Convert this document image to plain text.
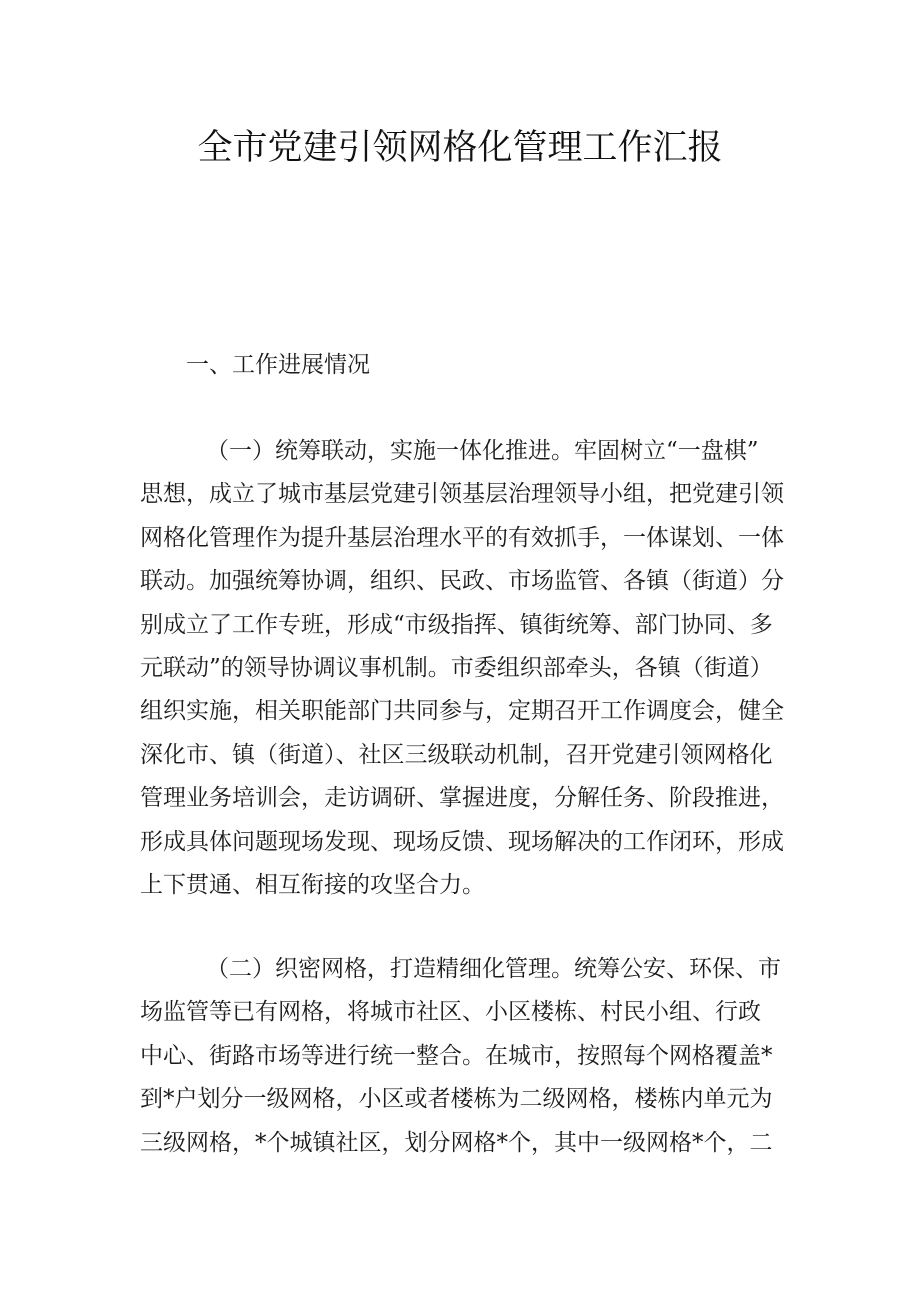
全市党建引领网格化管理工作汇报
一、工作进展情况
（一）统筹联动，实施一体化推进。牢固树立“一盘棋”
思想，成立了城市基层党建引领基层治理领导小组，把党建引领
网格化管理作为提升基层治理水平的有效抓手，一体谋划、一体
联动。加强统筹协调，组织、民政、市场监管、各镇（街道）分
别成立了工作专班，形成“市级指挥、镇街统筹、部门协同、多
元联动”的领导协调议事机制。市委组织部牵头，各镇（街道）
组织实施，相关职能部门共同参与，定期召开工作调度会，健全
深化市、镇（街道）、社区三级联动机制，召开党建引领网格化
管理业务培训会，走访调研、掌握进度，分解任务、阶段推进，
形成具体问题现场发现、现场反馈、现场解决的工作闭环，形成
上下贯通、相互衔接的攻坚合力。
（二）织密网格，打造精细化管理。统筹公安、环保、市
场监管等已有网格，将城市社区、小区楼栋、村民小组、行政
中心、街路市场等进行统一整合。在城市，按照每个网格覆盖*
到*户划分一级网格，小区或者楼栋为二级网格，楼栋内单元为
三级网格，*个城镇社区，划分网格*个，其中一级网格*个，二
